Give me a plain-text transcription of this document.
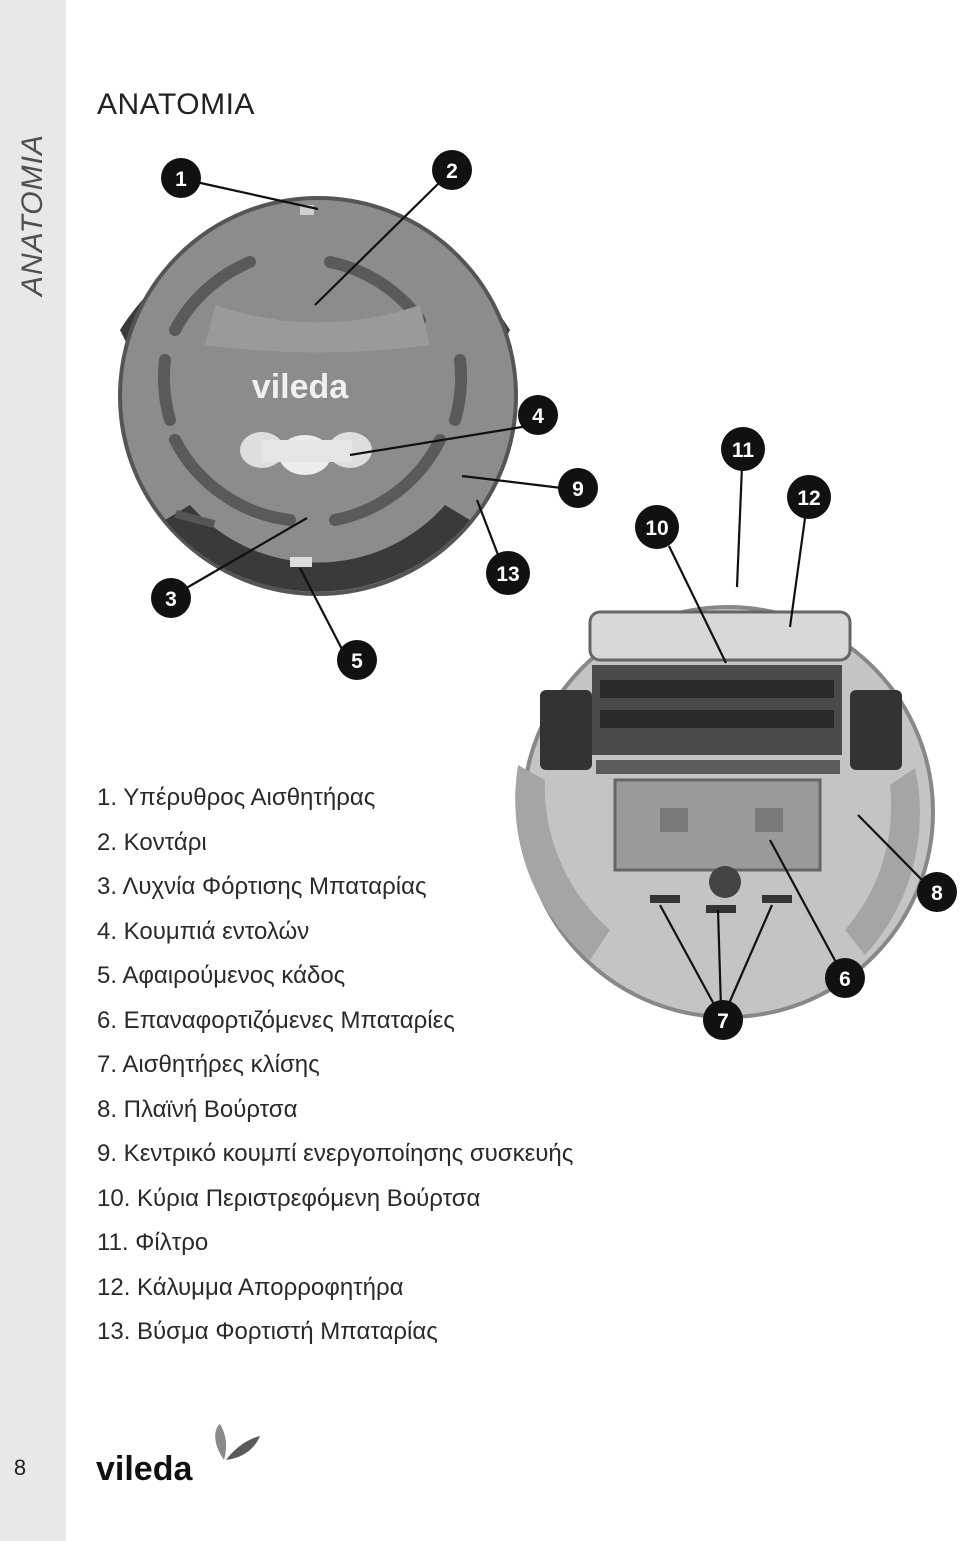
ANATOMIA
8
ANATOMIA
vileda
1	2
3
4
5
6
7
8
9
10
11
12
13
1. Υπέρυθρος Αισθητήρας
2. Κοντάρι
3. Λυχνία Φόρτισης Μπαταρίας
4. Κουμπιά εντολών
5. Αφαιρούμενος κάδος
6. Επαναφορτιζόμενες Μπαταρίες
7. Αισθητήρες κλίσης
8. Πλαϊνή Βούρτσα
9. Κεντρικό κουμπί ενεργοποίησης συσκευής
10. Κύρια Περιστρεφόμενη Βούρτσα
11. Φίλτρο
12. Κάλυμμα Απορροφητήρα
13. Βύσμα Φορτιστή Μπαταρίας
vileda
